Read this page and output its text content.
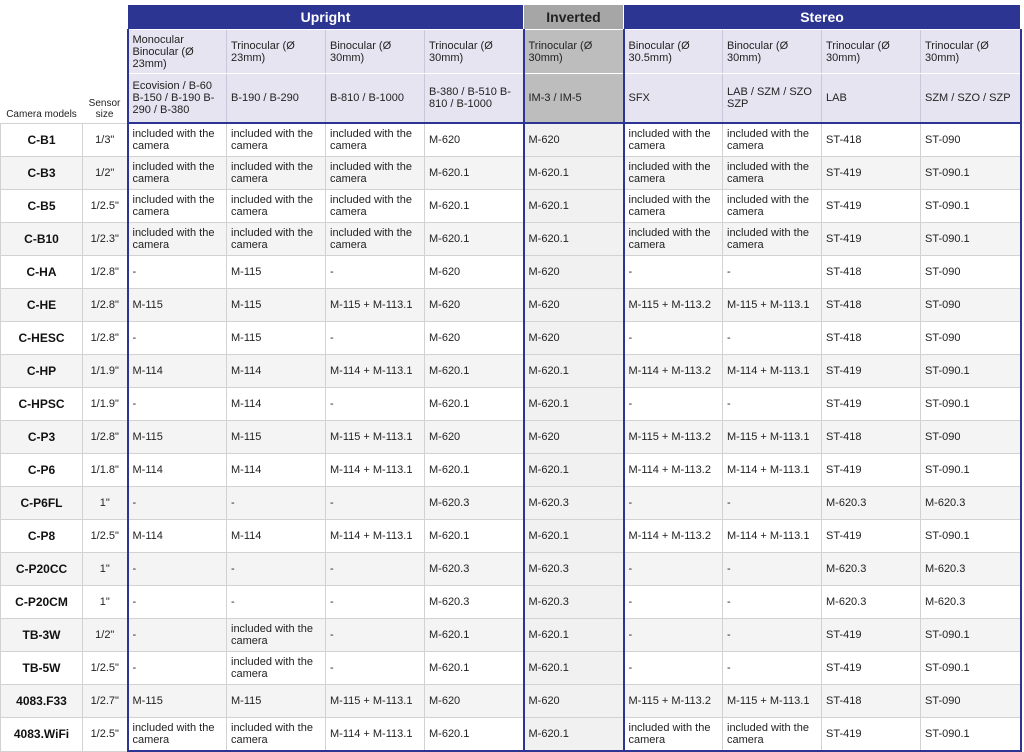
		Upright				Inverted	Stereo			
		Monocular Binocular (Ø 23mm)	Trinocular (Ø 23mm)	Binocular (Ø 30mm)	Trinocular (Ø 30mm)	Trinocular (Ø 30mm)	Binocular (Ø 30.5mm)	Binocular (Ø 30mm)	Trinocular (Ø 30mm)	Trinocular (Ø 30mm)
Camera models	Sensor size	Ecovision / B-60 B-150 / B-190 B-290 / B-380	B-190 / B-290	B-810 / B-1000	B-380 / B-510 B-810 / B-1000	IM-3 / IM-5	SFX	LAB / SZM / SZO SZP	LAB	SZM / SZO / SZP
C-B1	1/3"	included with the camera	included with the camera	included with the camera	M-620	M-620	included with the camera	included with the camera	ST-418	ST-090
C-B3	1/2"	included with the camera	included with the camera	included with the camera	M-620.1	M-620.1	included with the camera	included with the camera	ST-419	ST-090.1
C-B5	1/2.5"	included with the camera	included with the camera	included with the camera	M-620.1	M-620.1	included with the camera	included with the camera	ST-419	ST-090.1
C-B10	1/2.3"	included with the camera	included with the camera	included with the camera	M-620.1	M-620.1	included with the camera	included with the camera	ST-419	ST-090.1
C-HA	1/2.8"	-	M-115	-	M-620	M-620	-	-	ST-418	ST-090
C-HE	1/2.8"	M-115	M-115	M-115 + M-113.1	M-620	M-620	M-115 + M-113.2	M-115 + M-113.1	ST-418	ST-090
C-HESC	1/2.8"	-	M-115	-	M-620	M-620	-	-	ST-418	ST-090
C-HP	1/1.9"	M-114	M-114	M-114 + M-113.1	M-620.1	M-620.1	M-114 + M-113.2	M-114 + M-113.1	ST-419	ST-090.1
C-HPSC	1/1.9"	-	M-114	-	M-620.1	M-620.1	-	-	ST-419	ST-090.1
C-P3	1/2.8"	M-115	M-115	M-115 + M-113.1	M-620	M-620	M-115 + M-113.2	M-115 + M-113.1	ST-418	ST-090
C-P6	1/1.8"	M-114	M-114	M-114 + M-113.1	M-620.1	M-620.1	M-114 + M-113.2	M-114 + M-113.1	ST-419	ST-090.1
C-P6FL	1"	-	-	-	M-620.3	M-620.3	-	-	M-620.3	M-620.3
C-P8	1/2.5"	M-114	M-114	M-114 + M-113.1	M-620.1	M-620.1	M-114 + M-113.2	M-114 + M-113.1	ST-419	ST-090.1
C-P20CC	1"	-	-	-	M-620.3	M-620.3	-	-	M-620.3	M-620.3
C-P20CM	1"	-	-	-	M-620.3	M-620.3	-	-	M-620.3	M-620.3
TB-3W	1/2"	-	included with the camera	-	M-620.1	M-620.1	-	-	ST-419	ST-090.1
TB-5W	1/2.5"	-	included with the camera	-	M-620.1	M-620.1	-	-	ST-419	ST-090.1
4083.F33	1/2.7"	M-115	M-115	M-115 + M-113.1	M-620	M-620	M-115 + M-113.2	M-115 + M-113.1	ST-418	ST-090
4083.WiFi	1/2.5"	included with the camera	included with the camera	M-114 + M-113.1	M-620.1	M-620.1	included with the camera	included with the camera	ST-419	ST-090.1
